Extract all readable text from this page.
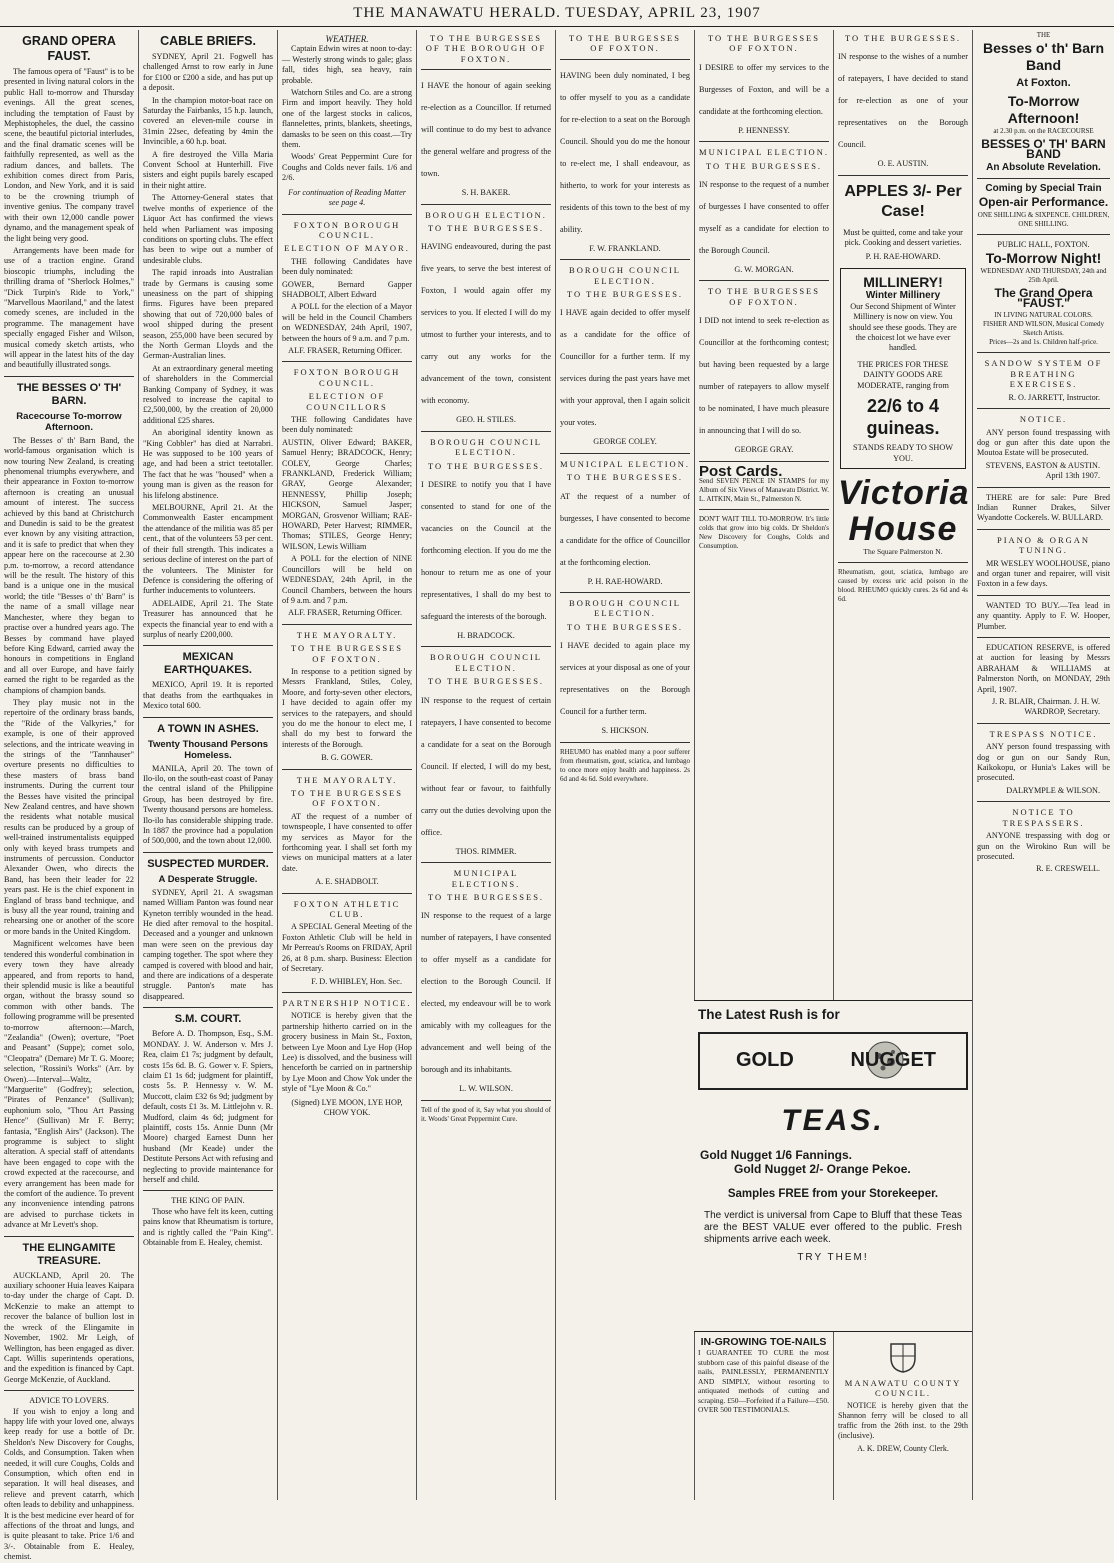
THE MANAWATU HERALD. TUESDAY, APRIL 23, 1907
GRAND OPERA FAUST.

The famous opera of "Faust" is to be presented in living natural colors in the public Hall to-morrow and Thursday evenings. All the great scenes, including the temptation of Faust by Mephistopheles, the duel, the cassino scene, the beautiful pictorial interludes, and the final dramatic scenes will be faithfully represented, as well as the radium dances, and ballets. The exhibition comes direct from Paris, London, and New York, and it is said to be the crowning triumph of inventive genius. The company travel with their own 12,000 candle power dynamo, and the management speak of the light being very good.

Arrangements have been made for use of a traction engine. Grand bioscopic triumphs, including the thrilling drama of "Sherlock Holmes," "Dick Turpin's Ride to York," "Marvellous Maoriland," and the latest comedy scenes, are included in the programme. The management have specially engaged Fisher and Wilson, musical comedy sketch artists, who will appear in the latest hits of the day and beautifully illustrated songs.

THE BESSES O' TH' BARN.
Racecourse To-morrow Afternoon.

The Besses o' th' Barn Band, the world-famous organisation which is now touring New Zealand, is creating phenomenal triumphs everywhere, and their appearance in Foxton to-morrow afternoon is creating an unusual amount of interest. The success achieved by this band at Christchurch and Dunedin is said to be the greatest ever known by any visiting attraction, and it is safe to predict that when they appear here on the racecourse at 2.30 p.m. to-morrow, a record attendance will be the result. The history of this band is a unique one in the musical world; the title "Besses o' th' Barn" is the name of a small village near Manchester, where they began to practise over a hundred years ago. The Besses by command have played before King Edward, carried away the honours in competitions in England and all over Europe, and have fairly earned the right to be regarded as the champions of champion bands.

They play music not in the repertoire of the ordinary brass bands, the "Ride of the Valkyries," for example, is one of their approved selections, and the intricate weaving in the strings of the "Tannhauser" overture presents no difficulties to these masters of brass band instruments. During the current tour the Besses have visited the principal New Zealand centres, and have shown the residents what notable musical results can be produced by a group of well-trained instrumentalists equipped only with keyed brass trumpets and instruments of percussion. Conductor Alexander Owen, who directs the Band, has been their leader for 22 years past. He is the chief exponent in England of brass band technique, and is busy all the year round, training and rehearsing one or another of the score or more bands in the United Kingdom.

Magnificent welcomes have been tendered this wonderful combination in every town they have already appeared, and from reports to hand, their splendid music is like a beautiful organ, without the brassy sound so common with other bands. The following programme will be presented to-morrow afternoon:—March, "Zealandia" (Owen); overture, "Poet and Peasant" (Suppe); cornet solo, "Cleopatra" (Demare) Mr T. G. Moore; selection, "Rossini's Works" (Arr. by Owen).—Interval—Waltz, "Marguerite" (Godfrey); selection, "Pirates of Penzance" (Sullivan); euphonium solo, "Thou Art Passing Hence" (Sullivan) Mr F. Berry; fantasia, "English Airs" (Jackson). The programme is subject to slight alteration. A special staff of attendants have been engaged to cope with the crowd expected at the racecourse, and every arrangement has been made for the comfort of the audience. To prevent any inconvenience intending patrons are advised to purchase tickets in advance at Mr Levett's shop.

THE ELINGAMITE TREASURE.

AUCKLAND, April 20. The auxiliary schooner Huia leaves Kaipara to-day under the charge of Capt. D. McKenzie to make an attempt to recover the balance of bullion lost in the wreck of the Elingamite in November, 1902. Mr Leigh, of Wellington, has been engaged as diver. Capt. Willis superintends operations, and the expedition is financed by Capt. George McKenzie, of Auckland.

ADVICE TO LOVERS.

If you wish to enjoy a long and happy life with your loved one, always keep ready for use a bottle of Dr. Sheldon's New Discovery for Coughs, Colds, and Consumption. Taken when needed, it will cure Coughs, Colds and Consumption, which often end in separation. It will heal diseases, and relieve and prevent catarrh, which often leads to debility and unhappiness. It is the best medicine ever heard of for affections of the throat and lungs, and is quite pleasant to take. Price 1/6 and 3/-. Obtainable from E. Healey, chemist.

CABLE BRIEFS.

SYDNEY, April 21. Fogwell has challenged Arnst to row early in June for £100 or £200 a side, and has put up a deposit.

In the champion motor-boat race on Saturday the Fairbanks, 15 h.p. launch, covered an eleven-mile course in 31min 22sec, defeating by 4min the Invincible, a 60 h.p. boat.

A fire destroyed the Villa Maria Convent School at Hunterhill. Five sisters and eight pupils barely escaped in their night attire.

The Attorney-General states that twelve months of experience of the Liquor Act has confirmed the views held when Parliament was imposing conditions on sporting clubs. The effect has been to wipe out a number of undesirable clubs.

The rapid inroads into Australian trade by Germans is causing some uneasiness on the part of shipping firms. Figures have been prepared showing that out of 720,000 bales of wool shipped during the present season, 255,000 have been secured by the North German Lloyds and the German-Australian lines.

At an extraordinary general meeting of shareholders in the Commercial Banking Company of Sydney, it was resolved to increase the capital to £2,500,000, by the creation of 20,000 additional £25 shares.

An aboriginal identity known as "King Cobbler" has died at Narrabri. He was supposed to be 100 years of age, and had been a strict teetotaller. The fact that he was "housed" when a young man is given as the reason for his lifelong abstinence.

MELBOURNE, April 21. At the Commonwealth Easter encampment the attendance of the militia was 85 per cent., that of the volunteers 53 per cent. of their full strength. This indicates a serious decline of interest on the part of the volunteers. The Minister for Defence is considering the offering of further inducements to volunteers.

ADELAIDE, April 21. The State Treasurer has announced that he expects the financial year to end with a surplus of nearly £200,000.

MEXICAN EARTHQUAKES.

MEXICO, April 19. It is reported that deaths from the earthquakes in Mexico total 600.

A TOWN IN ASHES.
Twenty Thousand Persons Homeless.

MANILA, April 20. The town of Ilo-ilo, on the south-east coast of Panay the central island of the Philippine Group, has been destroyed by fire. Twenty thousand persons are homeless. Ilo-ilo has considerable shipping trade. In 1887 the province had a population of 500,000, and the town about 12,000.

SUSPECTED MURDER.
A Desperate Struggle.

SYDNEY, April 21. A swagsman named William Panton was found near Kyneton terribly wounded in the head. He died after removal to the hospital. Deceased and a younger and unknown man were seen on the previous day camping together. The spot where they camped is covered with blood and hair, and there are indications of a desperate struggle. Panton's mate has disappeared.

S.M. COURT.

Before A. D. Thompson, Esq., S.M. MONDAY. J. W. Anderson v. Mrs J. Rea, claim £1 7s; judgment by default, costs 15s 6d. B. G. Gower v. F. Spiers, claim £1 1s 6d; judgment for plaintiff, costs 5s. P. Hennessy v. W. M. Muccott, claim £32 6s 9d; judgment by default, costs £1 3s. M. Littlejohn v. R. Mudford, claim 4s 6d; judgment for plaintiff, costs 15s. Annie Dunn (Mr Moore) charged Earnest Dunn her husband (Mr Keade) under the Destitute Persons Act with refusing and neglecting to provide maintenance for herself and child.

THE KING OF PAIN.

Those who have felt its keen, cutting pains know that Rheumatism is torture, and is rightly called the "Pain King". Obtainable from E. Healey, chemist.

WEATHER.

Captain Edwin wires at noon to-day:— Westerly strong winds to gale; glass fall, tides high, sea heavy, rain probable.

Watchorn Stiles and Co. are a strong Firm and import heavily. They hold one of the largest stocks in calicos, flannelettes, prints, blankets, sheetings, damasks to be seen on this coast.—Try them.

Woods' Great Peppermint Cure for Coughs and Colds never fails. 1/6 and 2/6.

For continuation of Reading Matter see page 4.
FOXTON BOROUGH COUNCIL.
ELECTION OF MAYOR.

THE following Candidates have been duly nominated:

GOWER, Bernard Gapper SHADBOLT, Albert Edward

A POLL for the election of a Mayor will be held in the Council Chambers on WEDNESDAY, 24th April, 1907, between the hours of 9 a.m. and 7 p.m.

ALF. FRASER, Returning Officer.
FOXTON BOROUGH COUNCIL.
ELECTION OF COUNCILLORS

THE following Candidates have been duly nominated:

AUSTIN, Oliver Edward; BAKER, Samuel Henry; BRADCOCK, Henry; COLEY, George Charles; FRANKLAND, Frederick William; GRAY, George Alexander; HENNESSY, Phillip Joseph; HICKSON, Samuel Jasper; MORGAN, Grosvenor William; RAE-HOWARD, Peter Harvest; RIMMER, Thomas; STILES, George Henry; WILSON, Lewis William

A POLL for the election of NINE Councillors will be held on WEDNESDAY, 24th April, in the Council Chambers, between the hours of 9 a.m. and 7 p.m.

ALF. FRASER, Returning Officer.
THE MAYORALTY.
TO THE BURGESSES OF FOXTON.

In response to a petition signed by Messrs Frankland, Stiles, Coley, Moore, and forty-seven other electors, I have decided to again offer my services to the ratepayers, and should you do me the honour to elect me, I shall do my best to forward the interests of the Borough.

B. G. GOWER.
THE MAYORALTY.
TO THE BURGESSES OF FOXTON.

AT the request of a number of townspeople, I have consented to offer my services as Mayor for the forthcoming year. I shall set forth my views on municipal matters at a later date.

A. E. SHADBOLT.
FOXTON ATHLETIC CLUB.

A SPECIAL General Meeting of the Foxton Athletic Club will be held in Mr Perreau's Rooms on FRIDAY, April 26, at 8 p.m. sharp. Business: Election of Secretary.

F. D. WHIBLEY, Hon. Sec.
PARTNERSHIP NOTICE.

NOTICE is hereby given that the partnership hitherto carried on in the grocery business in Main St., Foxton, between Lye Moon and Lye Hop (Hop Lee) is dissolved, and the business will henceforth be carried on in partnership by Lye Moon and Chow Yok under the style of "Lye Moon & Co."

(Signed) LYE MOON, LYE HOP, CHOW YOK.
TO THE BURGESSES OF THE BOROUGH OF FOXTON.

I HAVE the honour of again seeking re-election as a Councillor. If returned will continue to do my best to advance the general welfare and progress of the town.

S. H. BAKER.
BOROUGH ELECTION.
TO THE BURGESSES.

HAVING endeavoured, during the past five years, to serve the best interest of Foxton, I would again offer my services to you. If elected I will do my utmost to further your interests, and to carry out any works for the advancement of the town, consistent with economy.

GEO. H. STILES.
BOROUGH COUNCIL ELECTION.
TO THE BURGESSES.

I DESIRE to notify you that I have consented to stand for one of the vacancies on the Council at the forthcoming election. If you do me the honour to return me as one of your representatives, I shall do my best to safeguard the interests of the borough.

H. BRADCOCK.
BOROUGH COUNCIL ELECTION.
TO THE BURGESSES.

IN response to the request of certain ratepayers, I have consented to become a candidate for a seat on the Borough Council. If elected, I will do my best, without fear or favour, to faithfully carry out the duties devolving upon the office.

THOS. RIMMER.
MUNICIPAL ELECTIONS.
TO THE BURGESSES.

IN response to the request of a large number of ratepayers, I have consented to offer myself as a candidate for election to the Borough Council. If elected, my endeavour will be to work amicably with my colleagues for the advancement and well being of the borough and its inhabitants.

L. W. WILSON.
Tell of the good of it, Say what you should of it. Woods' Great Peppermint Cure.
TO THE BURGESSES OF FOXTON.

HAVING been duly nominated, I beg to offer myself to you as a candidate for re-election to a seat on the Borough Council. Should you do me the honour to re-elect me, I shall endeavour, as hitherto, to work for your interests as residents of this town to the best of my ability.

F. W. FRANKLAND.
BOROUGH COUNCIL ELECTION.
TO THE BURGESSES.

I HAVE again decided to offer myself as a candidate for the office of Councillor for a further term. If my services during the past years have met with your approval, then I again solicit your votes.

GEORGE COLEY.
MUNICIPAL ELECTION.
TO THE BURGESSES.

AT the request of a number of burgesses, I have consented to become a candidate for the office of Councillor at the forthcoming election.

P. H. RAE-HOWARD.
BOROUGH COUNCIL ELECTION.
TO THE BURGESSES.

I HAVE decided to again place my services at your disposal as one of your representatives on the Borough Council for a further term.

S. HICKSON.
RHEUMO has enabled many a poor sufferer from rheumatism, gout, sciatica, and lumbago to once more enjoy health and happiness. 2s 6d and 4s 6d. Sold everywhere.
TO THE BURGESSES OF FOXTON.

I DESIRE to offer my services to the Burgesses of Foxton, and will be a candidate at the forthcoming election.

P. HENNESSY.
MUNICIPAL ELECTION.
TO THE BURGESSES.

IN response to the request of a number of burgesses I have consented to offer myself as a candidate for election to the Borough Council.

G. W. MORGAN.
TO THE BURGESSES OF FOXTON.

I DID not intend to seek re-election as Councillor at the forthcoming contest; but having been requested by a large number of ratepayers to allow myself to be nominated, I have much pleasure in announcing that I will do so.

GEORGE GRAY.
Post Cards.

Send SEVEN PENCE IN STAMPS for my Album of Six Views of Manawatu District. W. L. AITKIN, Main St., Palmerston N.

DON'T WAIT TILL TO-MORROW. It's little colds that grow into big colds. Dr Sheldon's New Discovery for Coughs, Colds and Consumption.

The Latest Rush is for
GOLD	NUGGET
TEAS.
Gold Nugget 1/6 Fannings.
Gold Nugget 2/- Orange Pekoe.
Samples FREE from your Storekeeper.
The verdict is universal from Cape to Bluff that these Teas are the BEST VALUE ever offered to the public. Fresh shipments arrive each week.
TRY THEM!
IN-GROWING TOE-NAILS

I GUARANTEE TO CURE the most stubborn case of this painful disease of the nails, PAINLESSLY, PERMANENTLY AND SIMPLY, without resorting to antiquated methods of cutting and scraping. £50—Forfeited if a Failure—£50. OVER 500 TESTIMONIALS.

TO THE BURGESSES.

IN response to the wishes of a number of ratepayers, I have decided to stand for re-election as one of your representatives on the Borough Council.

O. E. AUSTIN.
APPLES 3/- Per Case!

Must be quitted, come and take your pick. Cooking and dessert varieties.

P. H. RAE-HOWARD.
MILLINERY!
Winter Millinery

Our Second Shipment of Winter Millinery is now on view. You should see these goods. They are the choicest lot we have ever handled.

THE PRICES FOR THESE DAINTY GOODS ARE MODERATE, ranging from
22/6 to 4 guineas.
STANDS READY TO SHOW YOU.
Victoria House
The Square Palmerston N.

Rheumatism, gout, sciatica, lumbago are caused by excess uric acid poison in the blood. RHEUMO quickly cures. 2s 6d and 4s 6d.

MANAWATU COUNTY COUNCIL.

NOTICE is hereby given that the Shannon ferry will be closed to all traffic from the 26th inst. to the 29th (inclusive).

A. K. DREW, County Clerk.
THE
Besses o' th' Barn Band
At Foxton.
To-Morrow Afternoon!
at 2.30 p.m. on the RACECOURSE
BESSES O' TH' BARN BAND
An Absolute Revelation.
Coming by Special Train
Open-air Performance.
ONE SHILLING & SIXPENCE. CHILDREN, ONE SHILLING.
PUBLIC HALL, FOXTON.
To-Morrow Night!
WEDNESDAY AND THURSDAY, 24th and 25th April.
The Grand Opera "FAUST."
IN LIVING NATURAL COLORS.
FISHER AND WILSON, Musical Comedy Sketch Artists.
Prices—2s and 1s. Children half-price.
SANDOW SYSTEM OF BREATHING EXERCISES.
R. O. JARRETT, Instructor.
NOTICE.

ANY person found trespassing with dog or gun after this date upon the Moutoa Estate will be prosecuted.

STEVENS, EASTON & AUSTIN. April 13th 1907.

THERE are for sale: Pure Bred Indian Runner Drakes, Silver Wyandotte Cockerels. W. BULLARD.

PIANO & ORGAN TUNING.

MR WESLEY WOOLHOUSE, piano and organ tuner and repairer, will visit Foxton in a few days.

WANTED TO BUY.—Tea lead in any quantity. Apply to F. W. Hooper, Plumber.

EDUCATION RESERVE, is offered at auction for leasing by Messrs ABRAHAM & WILLIAMS at Palmerston North, on MONDAY, 29th April, 1907.

J. R. BLAIR, Chairman. J. H. W. WARDROP, Secretary.
TRESPASS NOTICE.

ANY person found trespassing with dog or gun on our Sandy Run, Kaikokopu, or Hunia's Lakes will be prosecuted.

DALRYMPLE & WILSON.
NOTICE TO TRESPASSERS.

ANYONE trespassing with dog or gun on the Wirokino Run will be prosecuted.

R. E. CRESWELL.
